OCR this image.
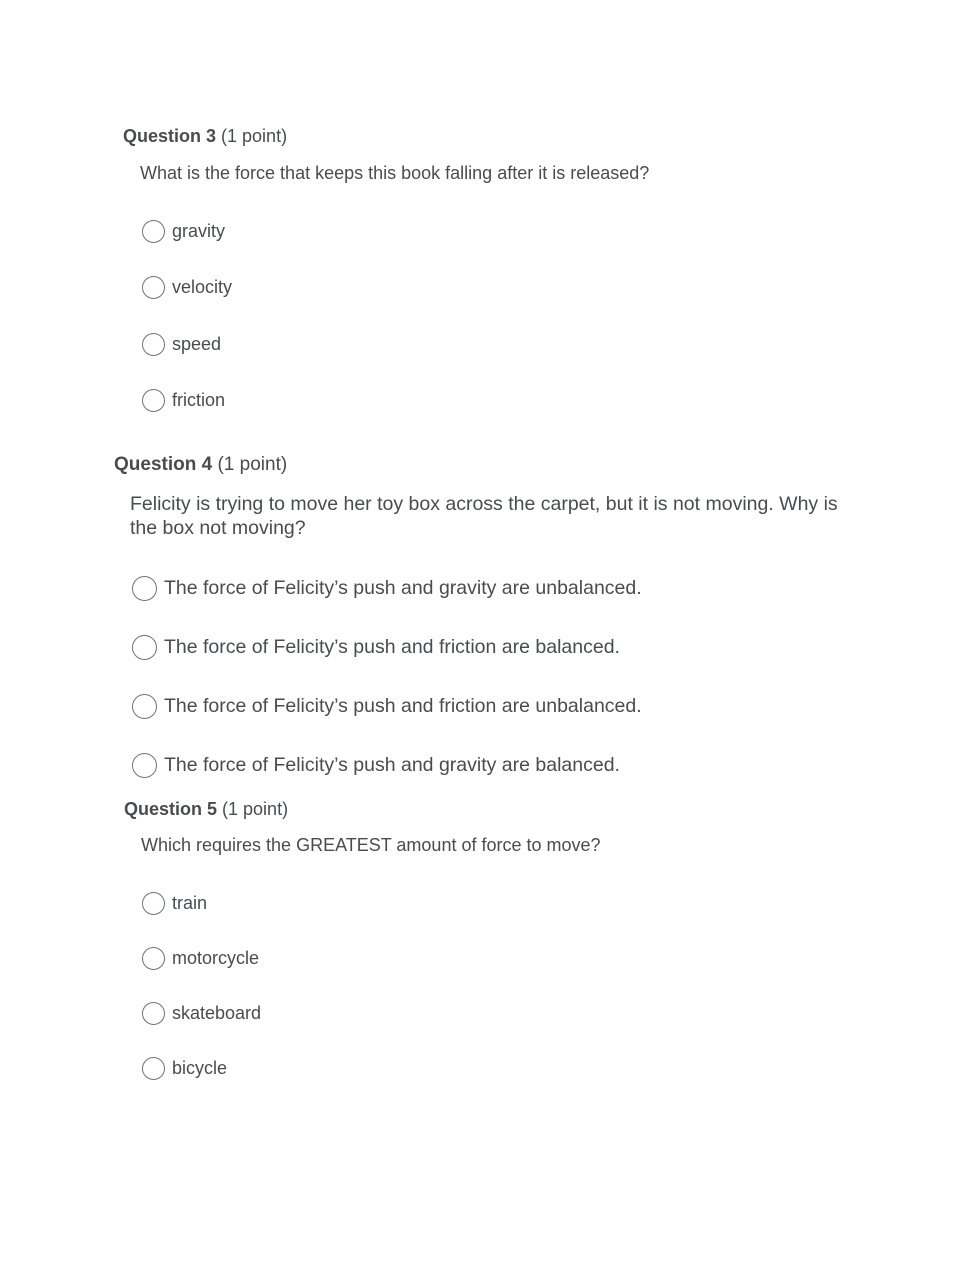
Question 3 (1 point)
What is the force that keeps this book falling after it is released?
gravity
velocity
speed
friction
Question 4 (1 point)
Felicity is trying to move her toy box across the carpet, but it is not moving. Why is the box not moving?
The force of Felicity’s push and gravity are unbalanced.
The force of Felicity’s push and friction are balanced.
The force of Felicity’s push and friction are unbalanced.
The force of Felicity’s push and gravity are balanced.
Question 5 (1 point)
Which requires the GREATEST amount of force to move?
train
motorcycle
skateboard
bicycle
